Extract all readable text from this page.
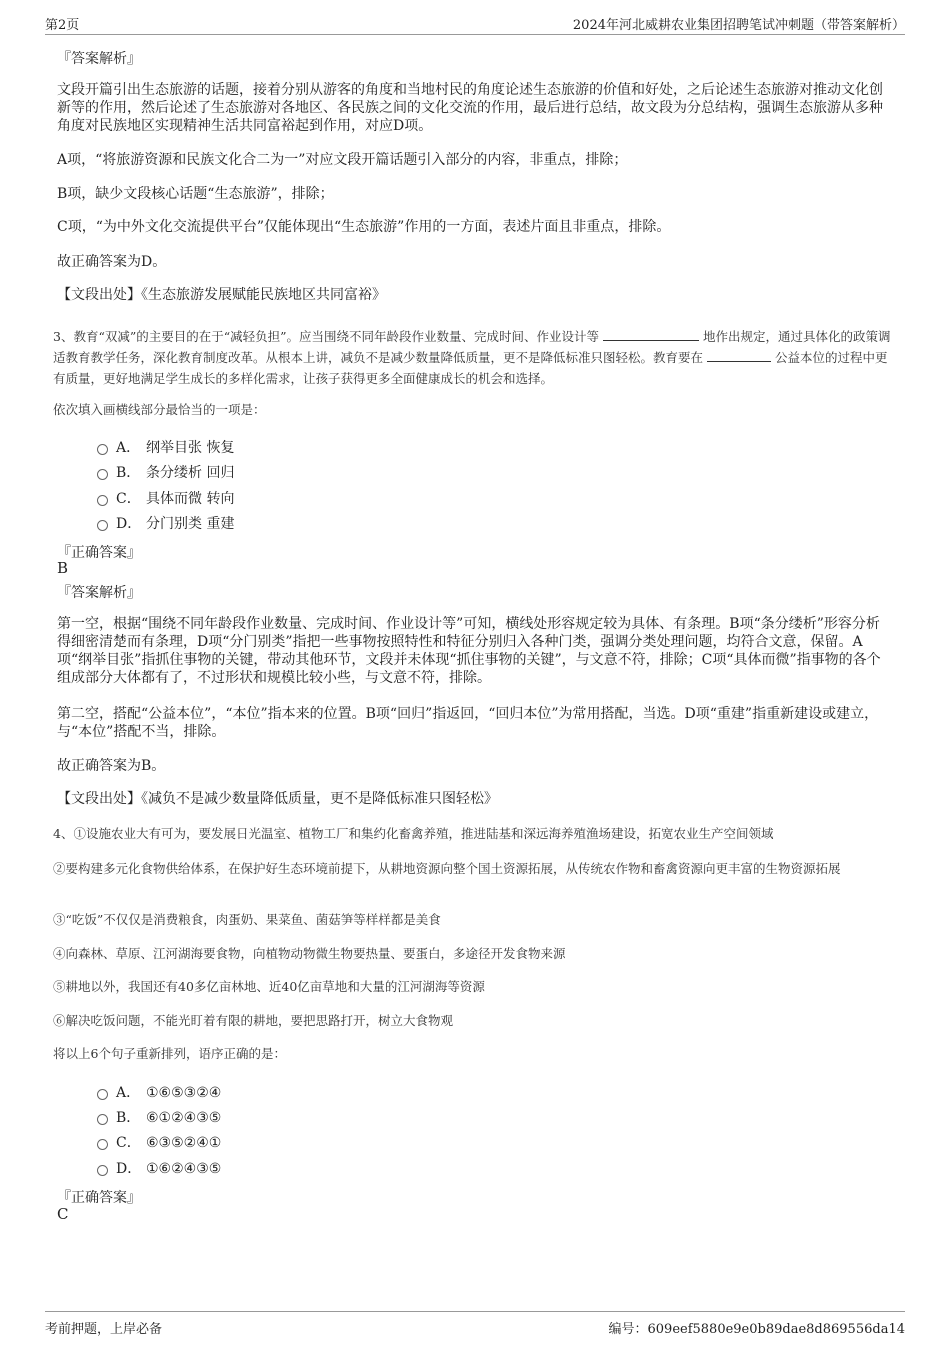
第2页	2024年河北威耕农业集团招聘笔试冲刺题（带答案解析）
『答案解析』
文段开篇引出生态旅游的话题，接着分别从游客的角度和当地村民的角度论述生态旅游的价值和好处，之后论述生态旅游对推动文化创新等的作用，然后论述了生态旅游对各地区、各民族之间的文化交流的作用，最后进行总结，故文段为分总结构，强调生态旅游从多种角度对民族地区实现精神生活共同富裕起到作用，对应D项。
A项，“将旅游资源和民族文化合二为一”对应文段开篇话题引入部分的内容，非重点，排除；
B项，缺少文段核心话题“生态旅游”，排除；
C项，“为中外文化交流提供平台”仅能体现出“生态旅游”作用的一方面，表述片面且非重点，排除。
故正确答案为D。
【文段出处】《生态旅游发展赋能民族地区共同富裕》
3、教育“双减”的主要目的在于“减轻负担”。应当围绕不同年龄段作业数量、完成时间、作业设计等	地作出规定，通过具体化的政策调适教育教学任务，深化教育制度改革。从根本上讲，减负不是减少数量降低质量，更不是降低标准只图轻松。教育要在	公益本位的过程中更有质量，更好地满足学生成长的多样化需求，让孩子获得更多全面健康成长的机会和选择。
依次填入画横线部分最恰当的一项是：
A． 纲举目张 恢复
B． 条分缕析 回归
C． 具体而微 转向
D． 分门别类 重建
『正确答案』
B
『答案解析』
第一空，根据“围绕不同年龄段作业数量、完成时间、作业设计等”可知，横线处形容规定较为具体、有条理。B项“条分缕析”形容分析得细密清楚而有条理，D项“分门别类”指把一些事物按照特性和特征分别归入各种门类，强调分类处理问题，均符合文意，保留。A项“纲举目张”指抓住事物的关键，带动其他环节，文段并未体现“抓住事物的关键”，与文意不符，排除；C项“具体而微”指事物的各个组成部分大体都有了，不过形状和规模比较小些，与文意不符，排除。
第二空，搭配“公益本位”，“本位”指本来的位置。B项“回归”指返回，“回归本位”为常用搭配，当选。D项“重建”指重新建设或建立，与“本位”搭配不当，排除。
故正确答案为B。
【文段出处】《减负不是减少数量降低质量，更不是降低标准只图轻松》
4、①设施农业大有可为，要发展日光温室、植物工厂和集约化畜禽养殖，推进陆基和深远海养殖渔场建设，拓宽农业生产空间领域
②要构建多元化食物供给体系，在保护好生态环境前提下，从耕地资源向整个国土资源拓展，从传统农作物和畜禽资源向更丰富的生物资源拓展
③“吃饭”不仅仅是消费粮食，肉蛋奶、果菜鱼、菌菇笋等样样都是美食
④向森林、草原、江河湖海要食物，向植物动物微生物要热量、要蛋白，多途径开发食物来源
⑤耕地以外，我国还有40多亿亩林地、近40亿亩草地和大量的江河湖海等资源
⑥解决吃饭问题，不能光盯着有限的耕地，要把思路打开，树立大食物观
将以上6个句子重新排列，语序正确的是：
A． ①⑥⑤③②④
B． ⑥①②④③⑤
C． ⑥③⑤②④①
D． ①⑥②④③⑤
『正确答案』
C
考前押题，上岸必备	编号：609eef5880e9e0b89dae8d869556da14
